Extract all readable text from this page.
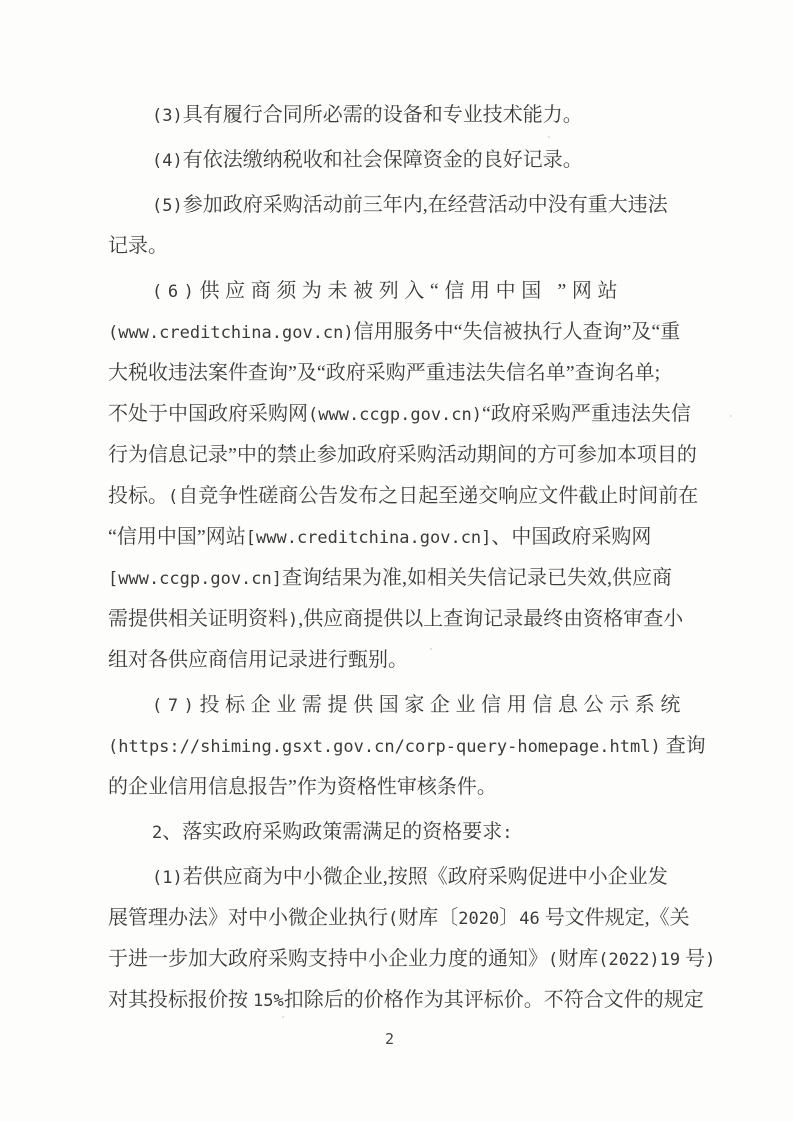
(3)具有履行合同所必需的设备和专业技术能力。
(4)有依法缴纳税收和社会保障资金的良好记录。
(5)参加政府采购活动前三年内,在经营活动中没有重大违法
记录。
(6)供应商须为未被列入“信用中国 ”网站
(www.creditchina.gov.cn)信用服务中“失信被执行人查询”及“重
大税收违法案件查询”及“政府采购严重违法失信名单”查询名单;
不处于中国政府采购网(www.ccgp.gov.cn)“政府采购严重违法失信
行为信息记录”中的禁止参加政府采购活动期间的方可参加本项目的
投标。(自竞争性磋商公告发布之日起至递交响应文件截止时间前在
“信用中国”网站[www.creditchina.gov.cn]、中国政府采购网
[www.ccgp.gov.cn]查询结果为准,如相关失信记录已失效,供应商
需提供相关证明资料),供应商提供以上查询记录最终由资格审查小
组对各供应商信用记录进行甄别。
(7)投标企业需提供国家企业信用信息公示系统
(https://shiming.gsxt.gov.cn/corp-query-homepage.html) 查询
的企业信用信息报告”作为资格性审核条件。
2、落实政府采购政策需满足的资格要求:
(1)若供应商为中小微企业,按照《政府采购促进中小企业发
展管理办法》对中小微企业执行(财库〔2020〕46 号文件规定,《关
于进一步加大政府采购支持中小企业力度的通知》(财库(2022)19 号)
对其投标报价按 15%扣除后的价格作为其评标价。不符合文件的规定
2
